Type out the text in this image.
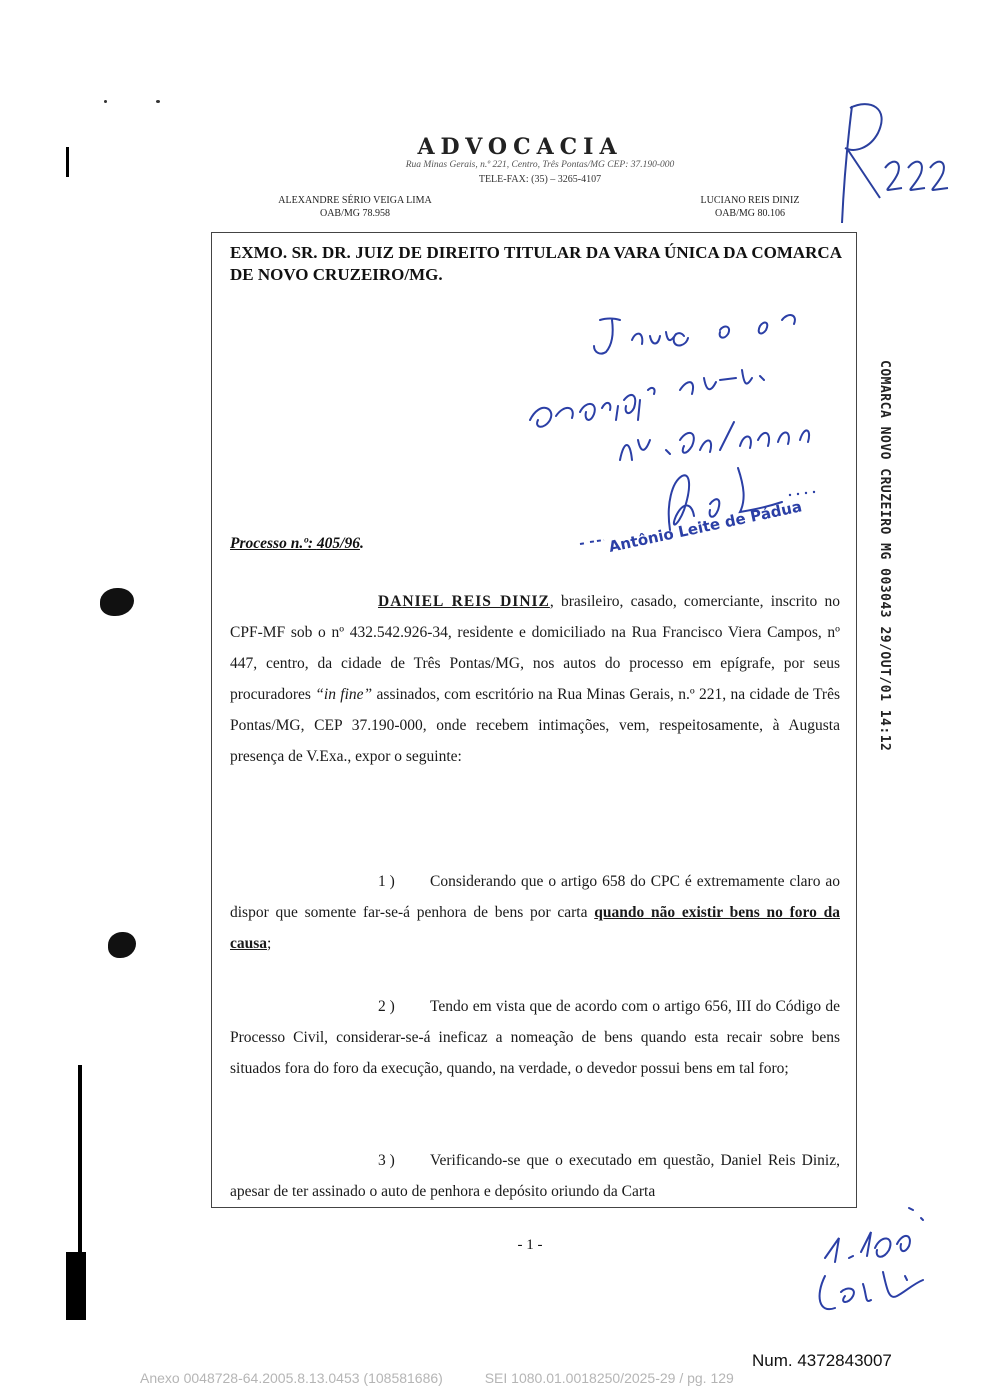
ADVOCACIA
Rua Minas Gerais, n.º 221, Centro, Três Pontas/MG CEP: 37.190-000
TELE-FAX: (35) – 3265-4107
ALEXANDRE SÉRIO VEIGA LIMA
OAB/MG 78.958
LUCIANO REIS DINIZ
OAB/MG 80.106
EXMO. SR. DR. JUIZ DE DIREITO TITULAR DA VARA ÚNICA DA COMARCA DE NOVO CRUZEIRO/MG.
Antônio Leite de Pádua
Processo n.º: 405/96.
DANIEL REIS DINIZ, brasileiro, casado, comerciante, inscrito no CPF-MF sob o nº 432.542.926-34, residente e domiciliado na Rua Francisco Viera Campos, nº 447, centro, da cidade de Três Pontas/MG, nos autos do processo em epígrafe, por seus procuradores “in fine” assinados, com escritório na Rua Minas Gerais, n.º 221, na cidade de Três Pontas/MG, CEP 37.190-000, onde recebem intimações, vem, respeitosamente, à Augusta presença de V.Exa., expor o seguinte:
1 ) Considerando que o artigo 658 do CPC é extremamente claro ao dispor que somente far-se-á penhora de bens por carta quando não existir bens no foro da causa;
2 ) Tendo em vista que de acordo com o artigo 656, III do Código de Processo Civil, considerar-se-á ineficaz a nomeação de bens quando esta recair sobre bens situados fora do foro da execução, quando, na verdade, o devedor possui bens em tal foro;
3 ) Verificando-se que o executado em questão, Daniel Reis Diniz, apesar de ter assinado o auto de penhora e depósito oriundo da Carta
- 1 -
COMARCA NOVO CRUZEIRO MG 003043 29/OUT/01 14:12
Num. 4372843007
Anexo 0048728-64.2005.8.13.0453 (108581686)	SEI 1080.01.0018250/2025-29 / pg. 129
